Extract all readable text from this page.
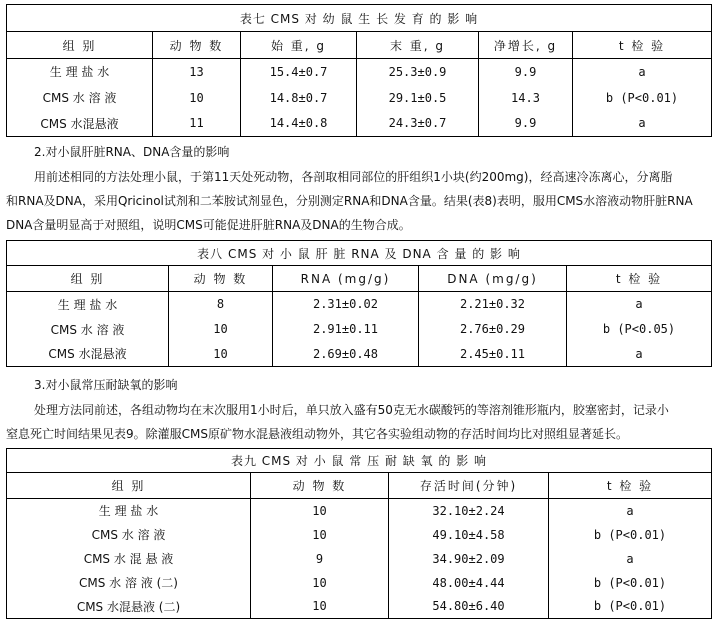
表七 CMS 对 幼 鼠 生 长 发 育 的 影 响					
组 别	动 物 数	始 重, g	末 重, g	净增长, g	t 检 验
生 理 盐 水	13	15.4±0.7	25.3±0.9	9.9	a
CMS 水 溶 液	10	14.8±0.7	29.1±0.5	14.3	b (P<0.01)
CMS 水混悬液	11	14.4±0.8	24.3±0.7	9.9	a

2.对小鼠肝脏RNA、DNA含量的影响

用前述相同的方法处理小鼠，于第11天处死动物，各剖取相同部位的肝组织1小块(约200mg)，经高速冷冻离心，分离脂

和RNA及DNA，采用Qricinol试剂和二苯胺试剂显色，分别测定RNA和DNA含量。结果(表8)表明，服用CMS水溶液动物肝脏RNA

DNA含量明显高于对照组，说明CMS可能促进肝脏RNA及DNA的生物合成。

表八 CMS 对 小 鼠 肝 脏 RNA 及 DNA 含 量 的 影 响				
组 别	动 物 数	RNA (mg/g)	DNA (mg/g)	t 检 验
生 理 盐 水	8	2.31±0.02	2.21±0.32	a
CMS 水 溶 液	10	2.91±0.11	2.76±0.29	b (P<0.05)
CMS 水混悬液	10	2.69±0.48	2.45±0.11	a

3.对小鼠常压耐缺氧的影响

处理方法同前述，各组动物均在末次服用1小时后，单只放入盛有50克无水碳酸钙的等溶剂锥形瓶内，胶塞密封，记录小

窒息死亡时间结果见表9。除灌服CMS原矿物水混悬液组动物外，其它各实验组动物的存活时间均比对照组显著延长。

表九 CMS 对 小 鼠 常 压 耐 缺 氧 的 影 响			
组 别	动 物 数	存活时间(分钟)	t 检 验
生 理 盐 水	10	32.10±2.24	a
CMS 水 溶 液	10	49.10±4.58	b (P<0.01)
CMS 水 混 悬 液	9	34.90±2.09	a
CMS 水 溶 液 (二)	10	48.00±4.44	b (P<0.01)
CMS 水混悬液 (二)	10	54.80±6.40	b (P<0.01)
